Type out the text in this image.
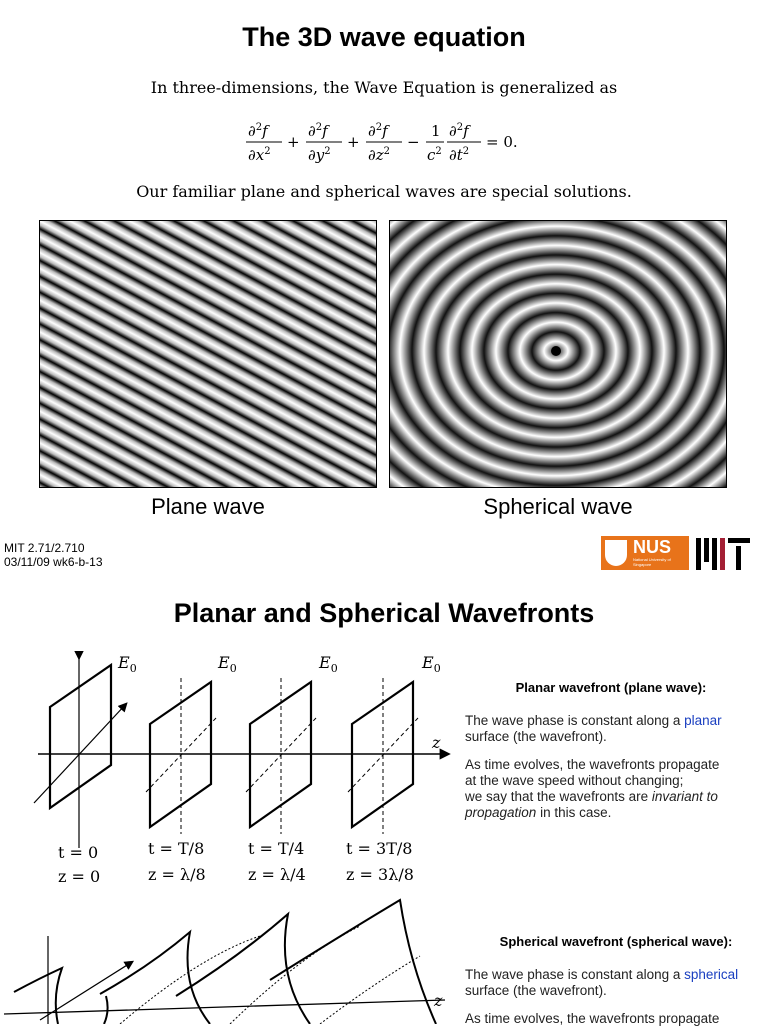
The 3D wave equation
In three-dimensions, the Wave Equation is generalized as
∂$^2$f
$\partial x^2$
+
∂$^2$f
$\partial y^2$
+
∂$^2$f
$\partial z^2$
−
1
$c^2$
∂$^2$f
$\partial t^2$
= 0.
Our familiar plane and spherical waves are special solutions.
Plane wave	Spherical wave
MIT 2.71/2.710
03/11/09 wk6-b-13
NUS
National University of Singapore
Planar and Spherical Wavefronts
$E_0$	$E_0$	$E_0$	$E_0$
z
t = 0
z = 0
t = T/8
z = λ/8
t = T/4
z = λ/4
t = 3T/8
z = 3λ/8
Planar wavefront (plane wave):
The wave phase is constant along a planar surface (the wavefront).
As time evolves, the wavefronts propagate
at the wave speed without changing;
we say that the wavefronts are invariant to propagation in this case.
z
Spherical wavefront (spherical wave):
The wave phase is constant along a spherical surface (the wavefront).
As time evolves, the wavefronts propagate
